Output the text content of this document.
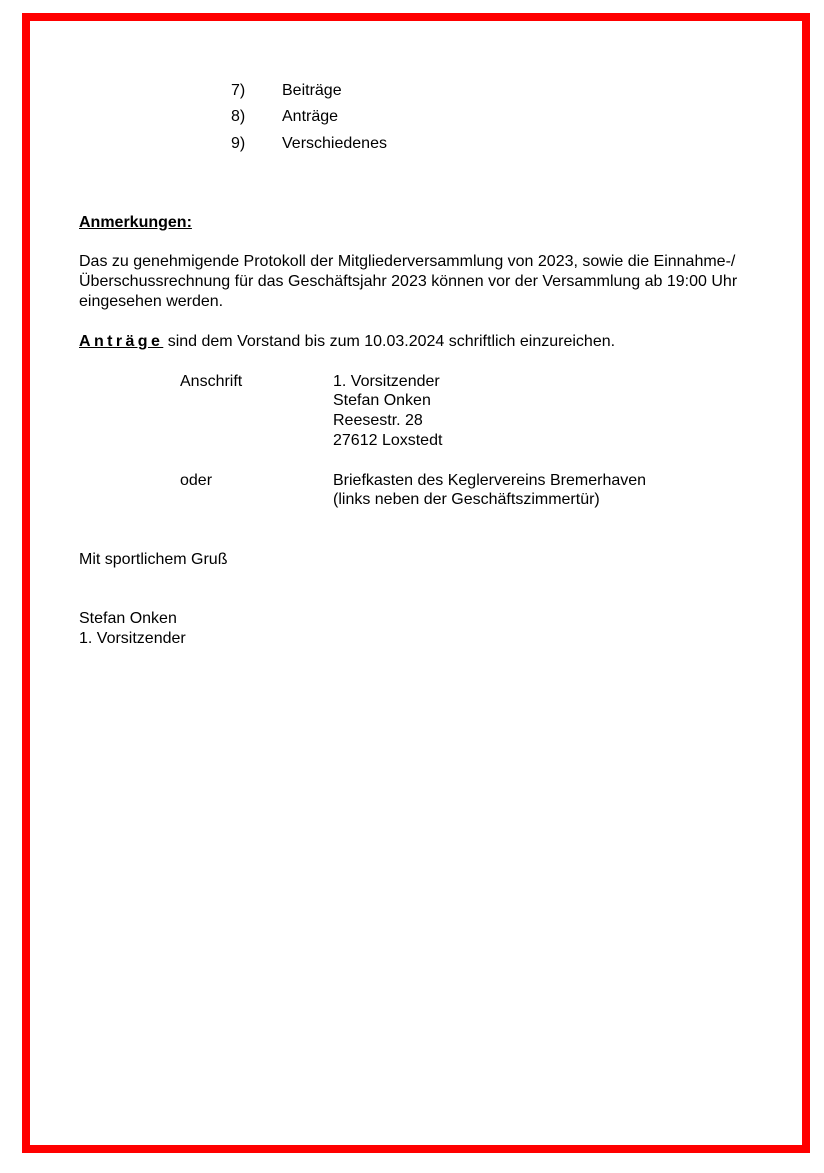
7) Beiträge
8) Anträge
9) Verschiedenes
Anmerkungen:
Das zu genehmigende Protokoll der Mitgliederversammlung von 2023, sowie die Einnahme-/Überschussrechnung für das Geschäftsjahr 2023 können vor der Versammlung ab 19:00 Uhr eingesehen werden.
Anträge sind dem Vorstand bis zum 10.03.2024 schriftlich einzureichen.
Anschrift	1. Vorsitzender
Stefan Onken
Reesestr. 28
27612 Loxstedt
oder	Briefkasten des Keglervereins Bremerhaven
(links neben der Geschäftszimmertür)
Mit sportlichem Gruß
Stefan Onken
1. Vorsitzender
